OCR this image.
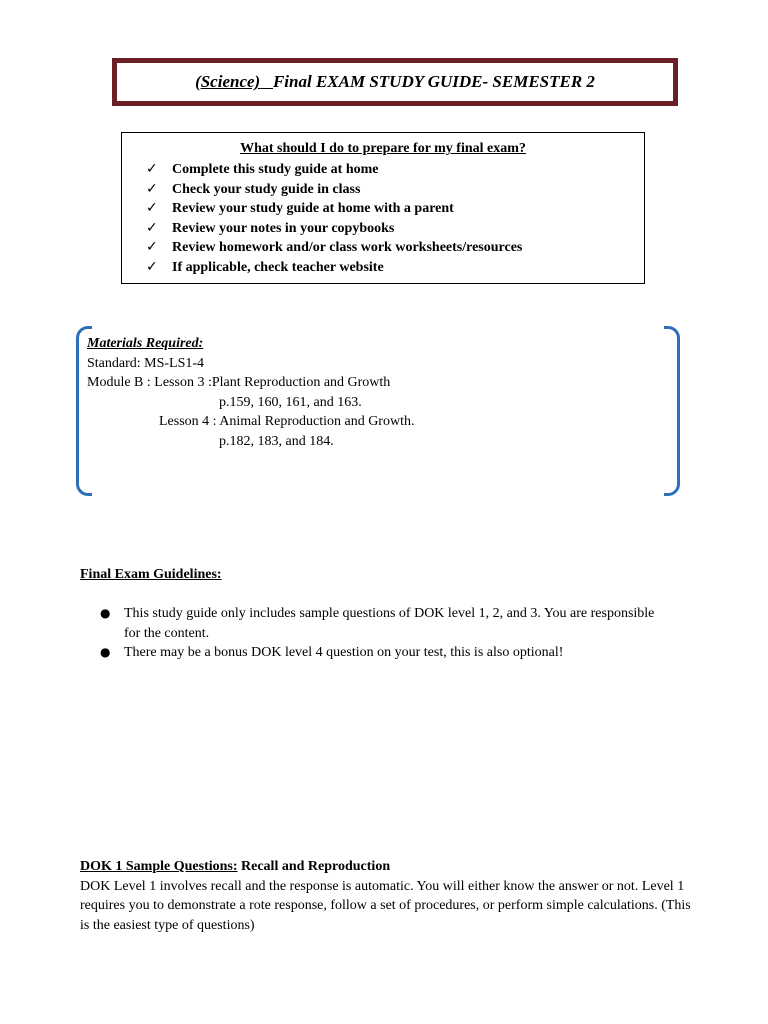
(Science)
Final EXAM STUDY GUIDE- SEMESTER 2
What should I do to prepare for my final exam?
✓ Complete this study guide at home
✓ Check your study guide in class
✓ Review your study guide at home with a parent
✓ Review your notes in your copybooks
✓ Review homework and/or class work worksheets/resources
✓ If applicable, check teacher website
Materials Required:
Standard: MS-LS1-4
Module B : Lesson 3 :Plant Reproduction and Growth
p.159, 160, 161, and 163.
Lesson 4 : Animal Reproduction and Growth.
p.182, 183, and 184.
Final Exam Guidelines:
● This study guide only includes sample questions of DOK level 1, 2, and 3. You are responsible for the content.
● There may be a bonus DOK level 4 question on your test, this is also optional!
DOK 1 Sample Questions: Recall and Reproduction
DOK Level 1 involves recall and the response is automatic. You will either know the answer or not. Level 1 requires you to demonstrate a rote response, follow a set of procedures, or perform simple calculations. (This is the easiest type of questions)
